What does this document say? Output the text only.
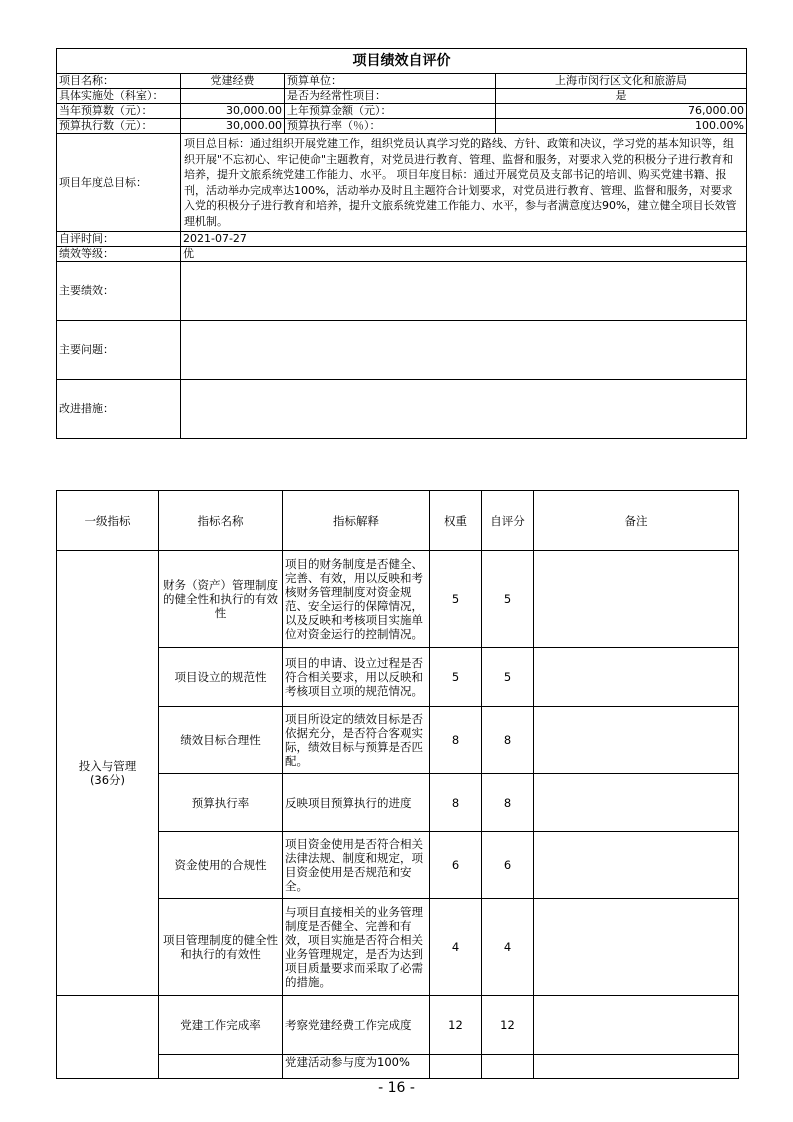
项目绩效自评价			
项目名称：	党建经费	预算单位：	上海市闵行区文化和旅游局
具体实施处（科室）：		是否为经常性项目：	是
当年预算数（元）：	30,000.00	上年预算金额（元）：	76,000.00
预算执行数（元）：	30,000.00	预算执行率（％）：	100.00%
项目年度总目标：	项目总目标：通过组织开展党建工作，组织党员认真学习党的路线、方针、政策和决议，学习党的基本知识等，组织开展"不忘初心、牢记使命"主题教育，对党员进行教育、管理、监督和服务，对要求入党的积极分子进行教育和培养，提升文旅系统党建工作能力、水平。 项目年度目标：通过开展党员及支部书记的培训、购买党建书籍、报刊，活动举办完成率达100%，活动举办及时且主题符合计划要求，对党员进行教育、管理、监督和服务，对要求入党的积极分子进行教育和培养，提升文旅系统党建工作能力、水平，参与者满意度达90%，建立健全项目长效管理机制。		
自评时间：	2021-07-27		
绩效等级：	优		
主要绩效：			
主要问题：			
改进措施：			
一级指标	指标名称	指标解释	权重	自评分	备注
投入与管理
(36分)	财务（资产）管理制度的健全性和执行的有效性	项目的财务制度是否健全、完善、有效，用以反映和考核财务管理制度对资金规范、安全运行的保障情况，以及反映和考核项目实施单位对资金运行的控制情况。	5	5	
	项目设立的规范性	项目的申请、设立过程是否符合相关要求，用以反映和考核项目立项的规范情况。	5	5	
	绩效目标合理性	项目所设定的绩效目标是否依据充分，是否符合客观实际，绩效目标与预算是否匹配。	8	8	
	预算执行率	反映项目预算执行的进度	8	8	
	资金使用的合规性	项目资金使用是否符合相关法律法规、制度和规定，项目资金使用是否规范和安全。	6	6	
	项目管理制度的健全性和执行的有效性	与项目直接相关的业务管理制度是否健全、完善和有效，项目实施是否符合相关业务管理规定，是否为达到项目质量要求而采取了必需的措施。	4	4	
	党建工作完成率	考察党建经费工作完成度	12	12	
		党建活动参与度为100%			
- 16 -
